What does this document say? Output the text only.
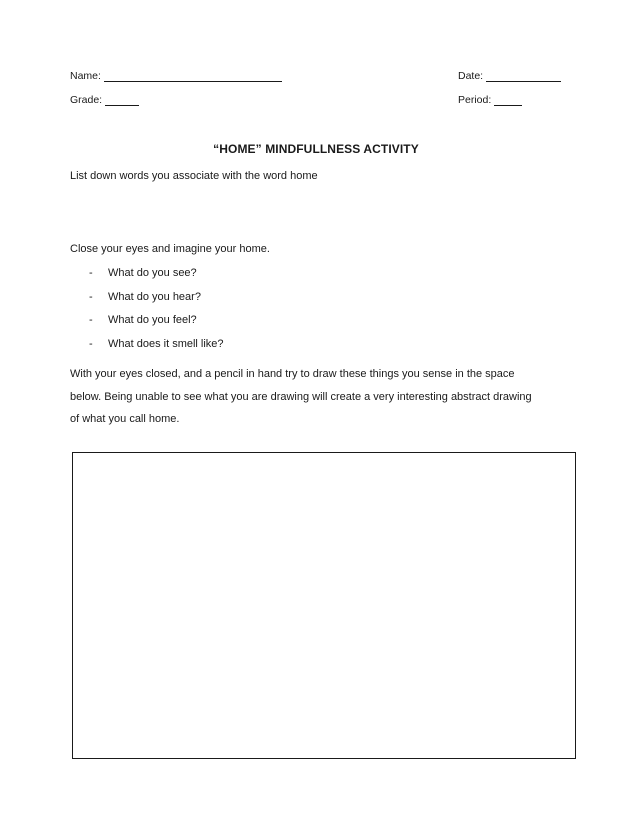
Name:	Date:
Grade:	Period:
“HOME” MINDFULLNESS ACTIVITY
List down words you associate with the word home
Close your eyes and imagine your home.
-	What do you see?
-	What do you hear?
-	What do you feel?
-	What does it smell like?
With your eyes closed, and a pencil in hand try to draw these things you sense in the space
below. Being unable to see what you are drawing will create a very interesting abstract drawing
of what you call home.
